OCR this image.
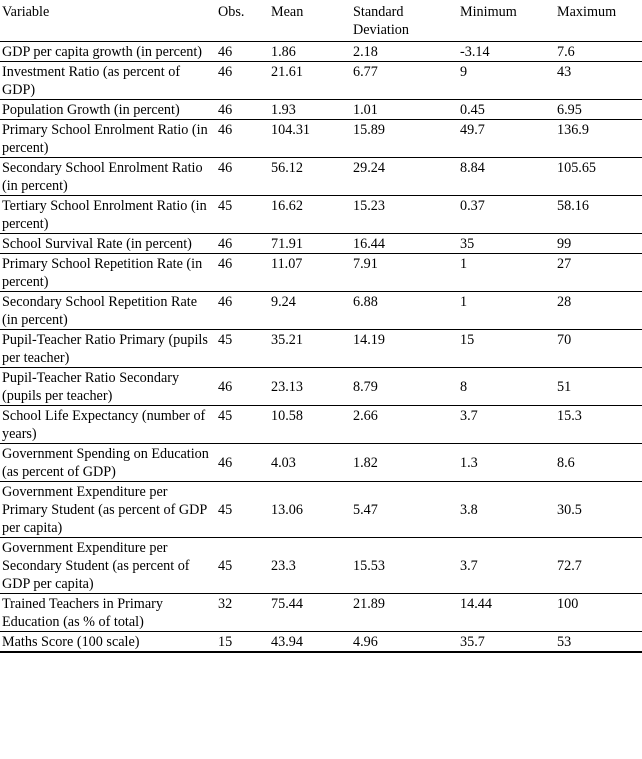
Variable	Obs.	Mean	Standard Deviation	Minimum	Maximum
GDP per capita growth (in percent)	46	1.86	2.18	-3.14	7.6
Investment Ratio (as percent of GDP)	46	21.61	6.77	9	43
Population Growth (in percent)	46	1.93	1.01	0.45	6.95
Primary School Enrolment Ratio (in percent)	46	104.31	15.89	49.7	136.9
Secondary School Enrolment Ratio (in percent)	46	56.12	29.24	8.84	105.65
Tertiary School Enrolment Ratio (in percent)	45	16.62	15.23	0.37	58.16
School Survival Rate (in percent)	46	71.91	16.44	35	99
Primary School Repetition Rate (in percent)	46	11.07	7.91	1	27
Secondary School Repetition Rate (in percent)	46	9.24	6.88	1	28
Pupil-Teacher Ratio Primary (pupils per teacher)	45	35.21	14.19	15	70
Pupil-Teacher Ratio Secondary (pupils per teacher)	46	23.13	8.79	8	51
School Life Expectancy (number of years)	45	10.58	2.66	3.7	15.3
Government Spending on Education (as percent of GDP)	46	4.03	1.82	1.3	8.6
Government Expenditure per Primary Student (as percent of GDP per capita)	45	13.06	5.47	3.8	30.5
Government Expenditure per Secondary Student (as percent of GDP per capita)	45	23.3	15.53	3.7	72.7
Trained Teachers in Primary Education (as % of total)	32	75.44	21.89	14.44	100
Maths Score (100 scale)	15	43.94	4.96	35.7	53
